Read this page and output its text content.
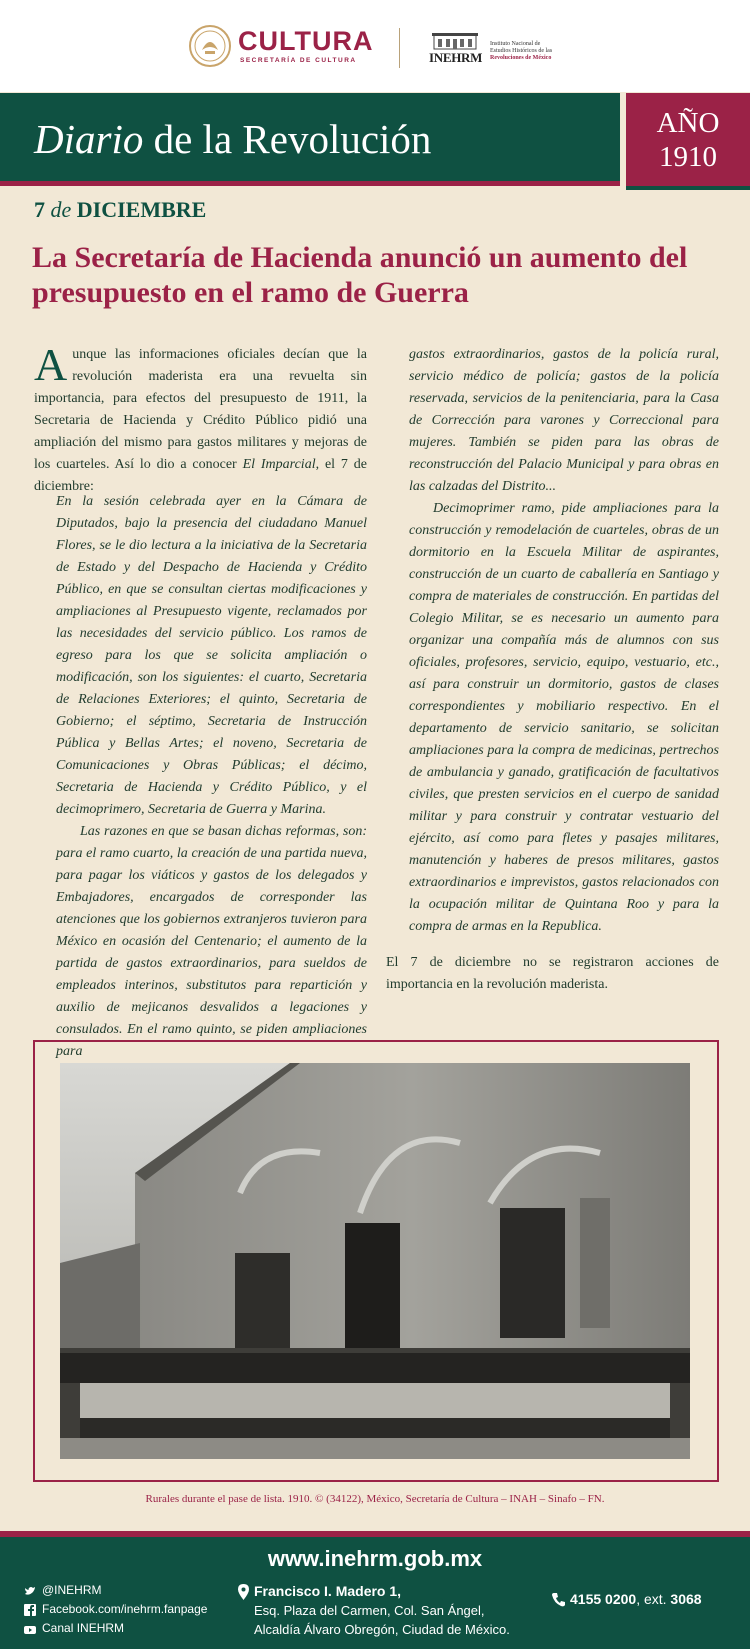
CULTURA
SECRETARÍA DE CULTURA	INEHRM
Instituto Nacional de
Estudios Históricos de las
Revoluciones de México
Diario de la Revolución	AÑO
1910
7 de DICIEMBRE
La Secretaría de Hacienda anunció un aumento del presupuesto en el ramo de Guerra
Aunque las informaciones oficiales decían que la revolución maderista era una revuelta sin importancia, para efectos del presupuesto de 1911, la Secretaria de Hacienda y Crédito Público pidió una ampliación del mismo para gastos militares y mejoras de los cuarteles. Así lo dio a conocer El Imparcial, el 7 de diciembre:

En la sesión celebrada ayer en la Cámara de Diputados, bajo la presencia del ciudadano Manuel Flores, se le dio lectura a la iniciativa de la Secretaria de Estado y del Despacho de Hacienda y Crédito Público, en que se consultan ciertas modificaciones y ampliaciones al Presupuesto vigente, reclamados por las necesidades del servicio público. Los ramos de egreso para los que se solicita ampliación o modificación, son los siguientes: el cuarto, Secretaria de Relaciones Exteriores; el quinto, Secretaria de Gobierno; el séptimo, Secretaria de Instrucción Pública y Bellas Artes; el noveno, Secretaria de Comunicaciones y Obras Públicas; el décimo, Secretaria de Hacienda y Crédito Público, y el decimoprimero, Secretaria de Guerra y Marina.

Las razones en que se basan dichas reformas, son: para el ramo cuarto, la creación de una partida nueva, para pagar los viáticos y gastos de los delegados y Embajadores, encargados de corresponder las atenciones que los gobiernos extranjeros tuvieron para México en ocasión del Centenario; el aumento de la partida de gastos extraordinarios, para sueldos de empleados interinos, substitutos para repartición y auxilio de mejicanos desvalidos a legaciones y consulados. En el ramo quinto, se piden ampliaciones para

gastos extraordinarios, gastos de la policía rural, servicio médico de policía; gastos de la policía reservada, servicios de la penitenciaria, para la Casa de Corrección para varones y Correccional para mujeres. También se piden para las obras de reconstrucción del Palacio Municipal y para obras en las calzadas del Distrito...

Decimoprimer ramo, pide ampliaciones para la construcción y remodelación de cuarteles, obras de un dormitorio en la Escuela Militar de aspirantes, construcción de un cuarto de caballería en Santiago y compra de materiales de construcción. En partidas del Colegio Militar, se es necesario un aumento para organizar una compañía más de alumnos con sus oficiales, profesores, servicio, equipo, vestuario, etc., así para construir un dormitorio, gastos de clases correspondientes y mobiliario respectivo. En el departamento de servicio sanitario, se solicitan ampliaciones para la compra de medicinas, pertrechos de ambulancia y ganado, gratificación de facultativos civiles, que presten servicios en el cuerpo de sanidad militar y para construir y contratar vestuario del ejército, así como para fletes y pasajes militares, manutención y haberes de presos militares, gastos extraordinarios e imprevistos, gastos relacionados con la ocupación militar de Quintana Roo y para la compra de armas en la Republica.

El 7 de diciembre no se registraron acciones de importancia en la revolución maderista.
Rurales durante el pase de lista. 1910. © (34122), México, Secretaría de Cultura – INAH – Sinafo – FN.
www.inehrm.gob.mx
@INEHRM
Facebook.com/inehrm.fanpage
Canal INEHRM
Francisco I. Madero 1,
Esq. Plaza del Carmen, Col. San Ángel,
Alcaldía Álvaro Obregón, Ciudad de México.
4155 0200, ext. 3068
